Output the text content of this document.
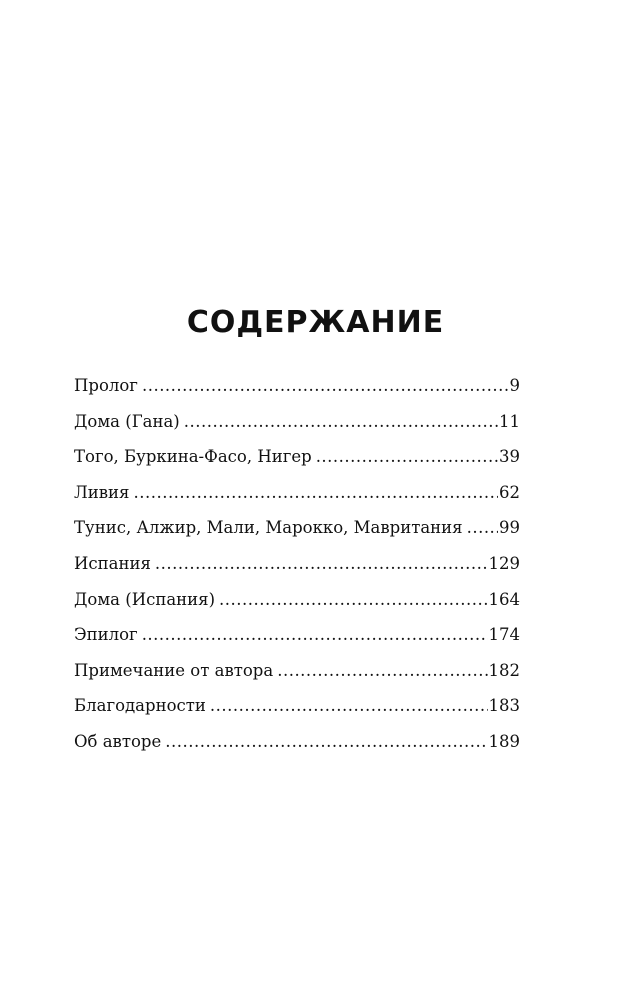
СОДЕРЖАНИЕ
Пролог .....	9
Дома (Гана) .....	11
Того, Буркина-Фасо, Нигер .....	39
Ливия .....	62
Тунис, Алжир, Мали, Марокко, Мавритания ..... 99
Испания .....	129
Дома (Испания) .....	164
Эпилог .....	174
Примечание от автора .....	182
Благодарности .....	183
Об авторе .....	189
